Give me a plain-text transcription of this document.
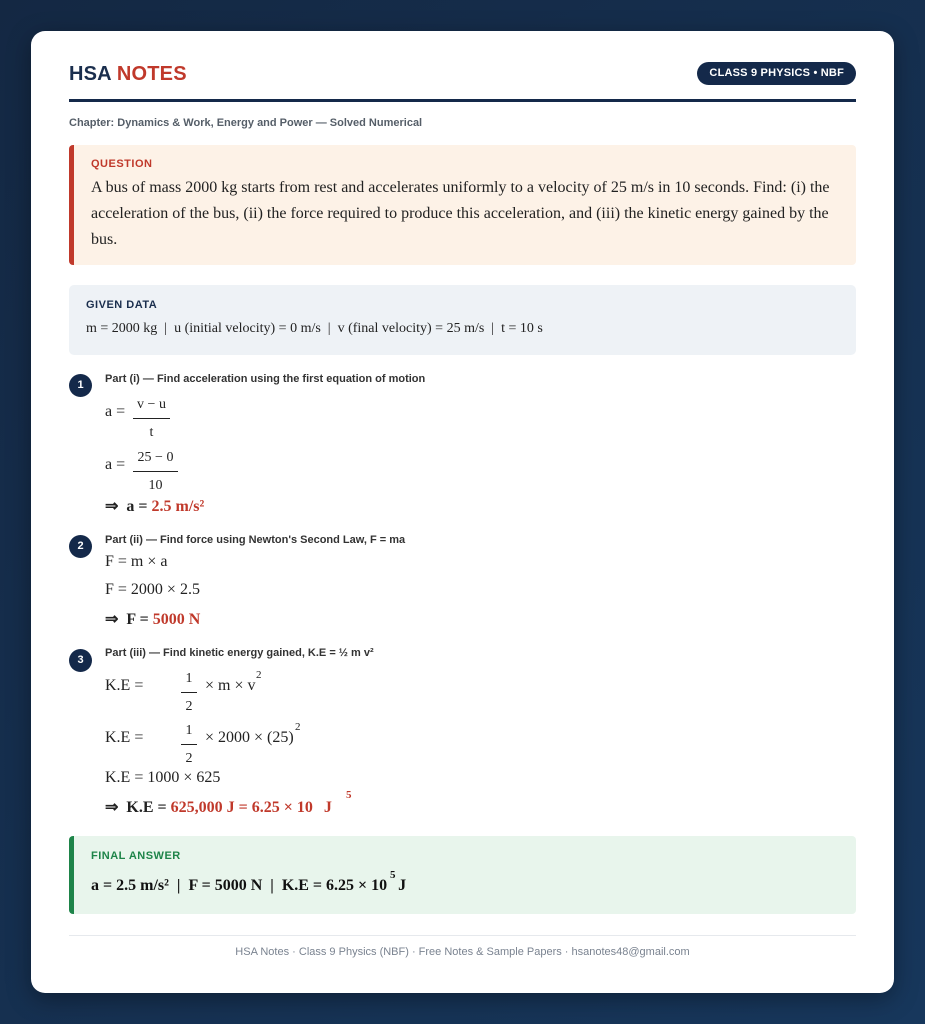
HSA NOTES	CLASS 9 PHYSICS • NBF
Chapter: Dynamics & Work, Energy and Power — Solved Numerical
QUESTION
A bus of mass 2000 kg starts from rest and accelerates uniformly to a velocity of 25 m/s in 10 seconds. Find: (i) the acceleration of the bus, (ii) the force required to produce this acceleration, and (iii) the kinetic energy gained by the bus.
GIVEN DATA
m = 2000 kg  |  u (initial velocity) = 0 m/s  |  v (final velocity) = 25 m/s  |  t = 10 s
1	Part (i) — Find acceleration using the first equation of motion
a = v − u
t
a = 25 − 0
10
⇒  a = 2.5 m/s²
2	Part (ii) — Find force using Newton's Second Law, F = ma
F = m × a
F = 2000 × 2.5
⇒  F = 5000 N
3
Part (iii) — Find kinetic energy gained, K.E = ½ m v²
K.E =	1
2
× m × v
2
K.E =	1
2
× 2000 × (25)
2
K.E = 1000 × 625
⇒  K.E = 625,000 J = 6.25 × 10 J
5
FINAL ANSWER
a = 2.5 m/s²  |  F = 5000 N  |  K.E = 6.25 × 10 J
5
HSA Notes · Class 9 Physics (NBF) · Free Notes & Sample Papers · hsanotes48@gmail.com
